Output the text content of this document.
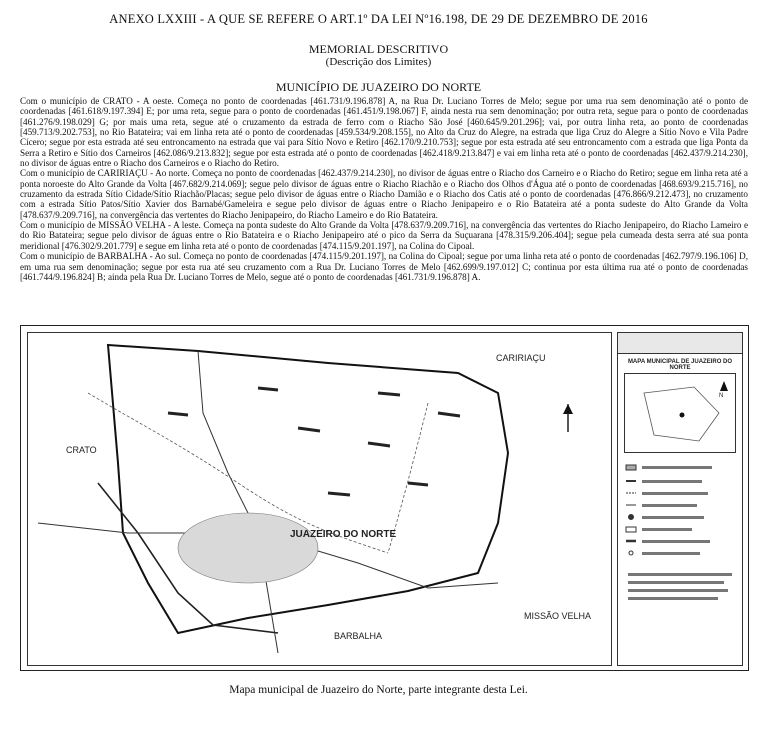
ANEXO LXXIII - A QUE SE REFERE O ART.1º DA LEI Nº16.198, DE 29 DE DEZEMBRO DE 2016
MEMORIAL DESCRITIVO
(Descrição dos Limites)
MUNICÍPIO DE JUAZEIRO DO NORTE

Com o município de CRATO - A oeste. Começa no ponto de coordenadas [461.731/9.196.878] A, na Rua Dr. Luciano Torres de Melo; segue por uma rua sem denominação até o ponto de coordenadas [461.618/9.197.394] E; por uma reta, segue para o ponto de coordenadas [461.451/9.198.067] F, ainda nesta rua sem denominação; por outra reta, segue para o ponto de coordenadas [461.276/9.198.029] G; por mais uma reta, segue até o cruzamento da estrada de ferro com o Riacho São José [460.645/9.201.296]; vai, por outra linha reta, ao ponto de coordenadas [459.713/9.202.753], no Rio Batateira; vai em linha reta até o ponto de coordenadas [459.534/9.208.155], no Alto da Cruz do Alegre, na estrada que liga Cruz do Alegre a Sítio Novo e Vila Padre Cícero; segue por esta estrada até seu entroncamento na estrada que vai para Sítio Novo e Retiro [462.170/9.210.753]; segue por esta estrada até seu entroncamento com a estrada que liga Ponta da Serra a Retiro e Sítio dos Carneiros [462.086/9.213.832]; segue por esta estrada até o ponto de coordenadas [462.418/9.213.847] e vai em linha reta até o ponto de coordenadas [462.437/9.214.230], no divisor de águas entre o Riacho dos Carneiros e o Riacho do Retiro.

Com o município de CARIRIAÇU - Ao norte. Começa no ponto de coordenadas [462.437/9.214.230], no divisor de águas entre o Riacho dos Carneiro e o Riacho do Retiro; segue em linha reta até a ponta noroeste do Alto Grande da Volta [467.682/9.214.069]; segue pelo divisor de águas entre o Riacho Riachão e o Riacho dos Olhos d'Água até o ponto de coordenadas [468.693/9.215.716], no cruzamento da estrada Sítio Cidade/Sítio Riachão/Placas; segue pelo divisor de águas entre o Riacho Damião e o Riacho dos Catis até o ponto de coordenadas [476.866/9.212.473], no cruzamento com a estrada Sítio Patos/Sítio Xavier dos Barnabé/Gameleira e segue pelo divisor de águas entre o Riacho Jenipapeiro e o Rio Batateira até a ponta sudeste do Alto Grande da Volta [478.637/9.209.716], na convergência das vertentes do Riacho Jenipapeiro, do Riacho Lameiro e do Rio Batateira.

Com o município de MISSÃO VELHA - A leste. Começa na ponta sudeste do Alto Grande da Volta [478.637/9.209.716], na convergência das vertentes do Riacho Jenipapeiro, do Riacho Lameiro e do Rio Batateira; segue pelo divisor de águas entre o Rio Batateira e o Riacho Jenipapeiro até o pico da Serra da Suçuarana [478.315/9.206.404]; segue pela cumeada desta serra até sua ponta meridional [476.302/9.201.779] e segue em linha reta até o ponto de coordenadas [474.115/9.201.197], na Colina do Cipoal.

Com o município de BARBALHA - Ao sul. Começa no ponto de coordenadas [474.115/9.201.197], na Colina do Cipoal; segue por uma linha reta até o ponto de coordenadas [462.797/9.196.106] D, em uma rua sem denominação; segue por esta rua até seu cruzamento com a Rua Dr. Luciano Torres de Melo [462.699/9.197.012] C; continua por esta última rua até o ponto de coordenadas [461.744/9.196.824] B; ainda pela Rua Dr. Luciano Torres de Melo, segue até o ponto de coordenadas [461.731/9.196.878] A.

CRATO
CARIRIAÇU
JUAZEIRO DO NORTE
MISSÃO VELHA
BARBALHA
MAPA MUNICIPAL DE JUAZEIRO DO NORTE
N
Mapa municipal de Juazeiro do Norte, parte integrante desta Lei.
